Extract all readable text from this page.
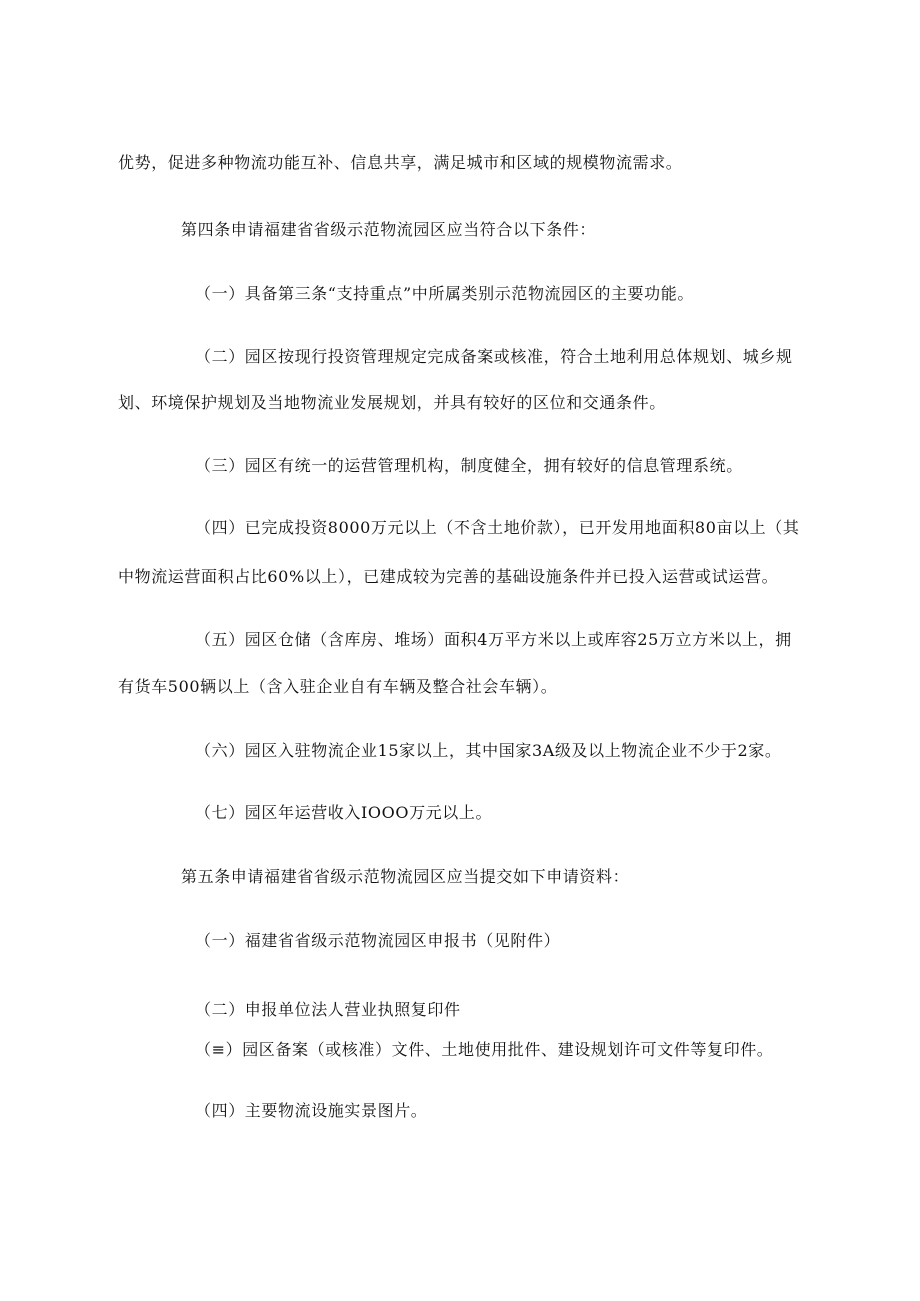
优势，促进多种物流功能互补、信息共享，满足城市和区域的规模物流需求。

第四条申请福建省省级示范物流园区应当符合以下条件：

（一）具备第三条“支持重点”中所属类别示范物流园区的主要功能。

（二）园区按现行投资管理规定完成备案或核准，符合土地利用总体规划、城乡规

划、环境保护规划及当地物流业发展规划，并具有较好的区位和交通条件。

（三）园区有统一的运营管理机构，制度健全，拥有较好的信息管理系统。

（四）已完成投资8000万元以上（不含土地价款），已开发用地面积80亩以上（其

中物流运营面积占比60%以上），已建成较为完善的基础设施条件并已投入运营或试运营。

（五）园区仓储（含库房、堆场）面积4万平方米以上或库容25万立方米以上，拥

有货车500辆以上（含入驻企业自有车辆及整合社会车辆）。

（六）园区入驻物流企业15家以上，其中国家3A级及以上物流企业不少于2家。

（七）园区年运营收入IOOO万元以上。

第五条申请福建省省级示范物流园区应当提交如下申请资料：

（一）福建省省级示范物流园区申报书（见附件）

（二）申报单位法人营业执照复印件

（≡）园区备案（或核准）文件、土地使用批件、建设规划许可文件等复印件。

（四）主要物流设施实景图片。
